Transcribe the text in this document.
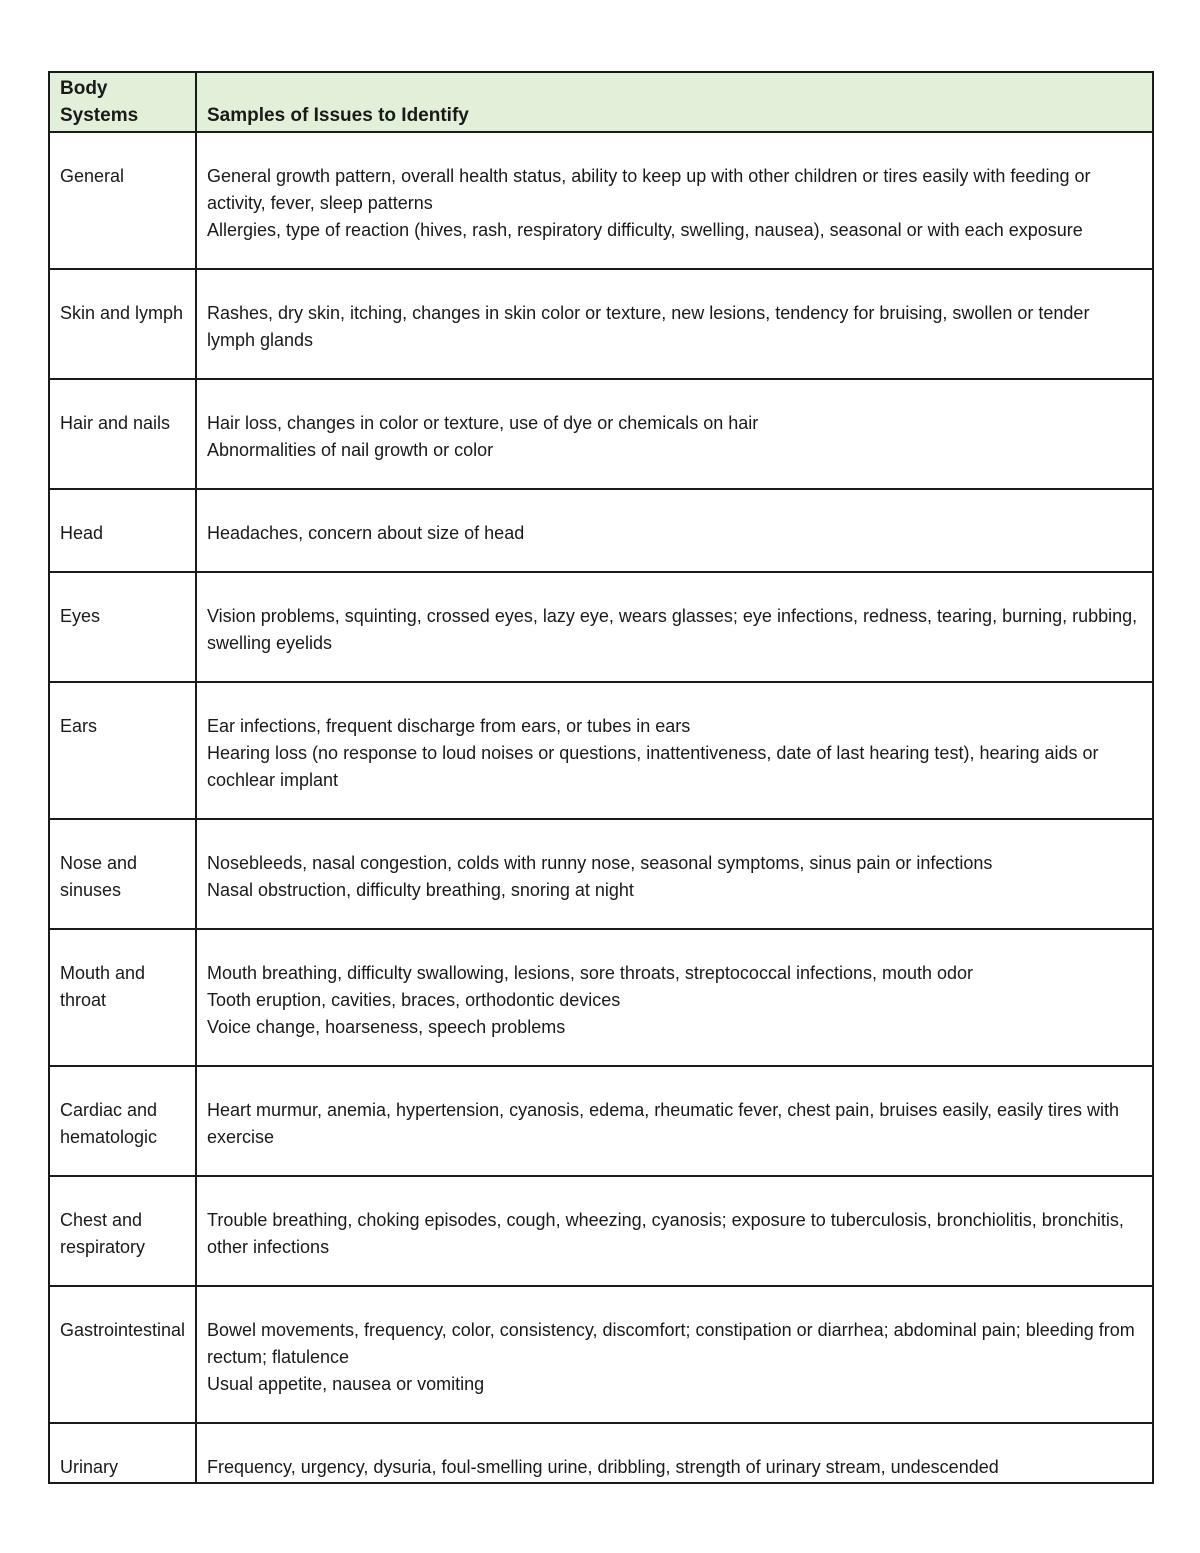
Body Systems	Samples of Issues to Identify
General	General growth pattern, overall health status, ability to keep up with other children or tires easily with feeding or activity, fever, sleep patterns
Allergies, type of reaction (hives, rash, respiratory difficulty, swelling, nausea), seasonal or with each exposure

Skin and lymph	Rashes, dry skin, itching, changes in skin color or texture, new lesions, tendency for bruising, swollen or tender lymph glands

Hair and nails	Hair loss, changes in color or texture, use of dye or chemicals on hair
Abnormalities of nail growth or color

Head	Headaches, concern about size of head

Eyes	Vision problems, squinting, crossed eyes, lazy eye, wears glasses; eye infections, redness, tearing, burning, rubbing, swelling eyelids

Ears	Ear infections, frequent discharge from ears, or tubes in ears
Hearing loss (no response to loud noises or questions, inattentiveness, date of last hearing test), hearing aids or cochlear implant

Nose and sinuses	Nosebleeds, nasal congestion, colds with runny nose, seasonal symptoms, sinus pain or infections
Nasal obstruction, difficulty breathing, snoring at night

Mouth and throat	Mouth breathing, difficulty swallowing, lesions, sore throats, streptococcal infections, mouth odor
Tooth eruption, cavities, braces, orthodontic devices
Voice change, hoarseness, speech problems

Cardiac and hematologic	Heart murmur, anemia, hypertension, cyanosis, edema, rheumatic fever, chest pain, bruises easily, easily tires with exercise

Chest and respiratory	Trouble breathing, choking episodes, cough, wheezing, cyanosis; exposure to tuberculosis, bronchiolitis, bronchitis, other infections

Gastrointestinal	Bowel movements, frequency, color, consistency, discomfort; constipation or diarrhea; abdominal pain; bleeding from rectum; flatulence
Usual appetite, nausea or vomiting

Urinary	Frequency, urgency, dysuria, foul-smelling urine, dribbling, strength of urinary stream, undescended
